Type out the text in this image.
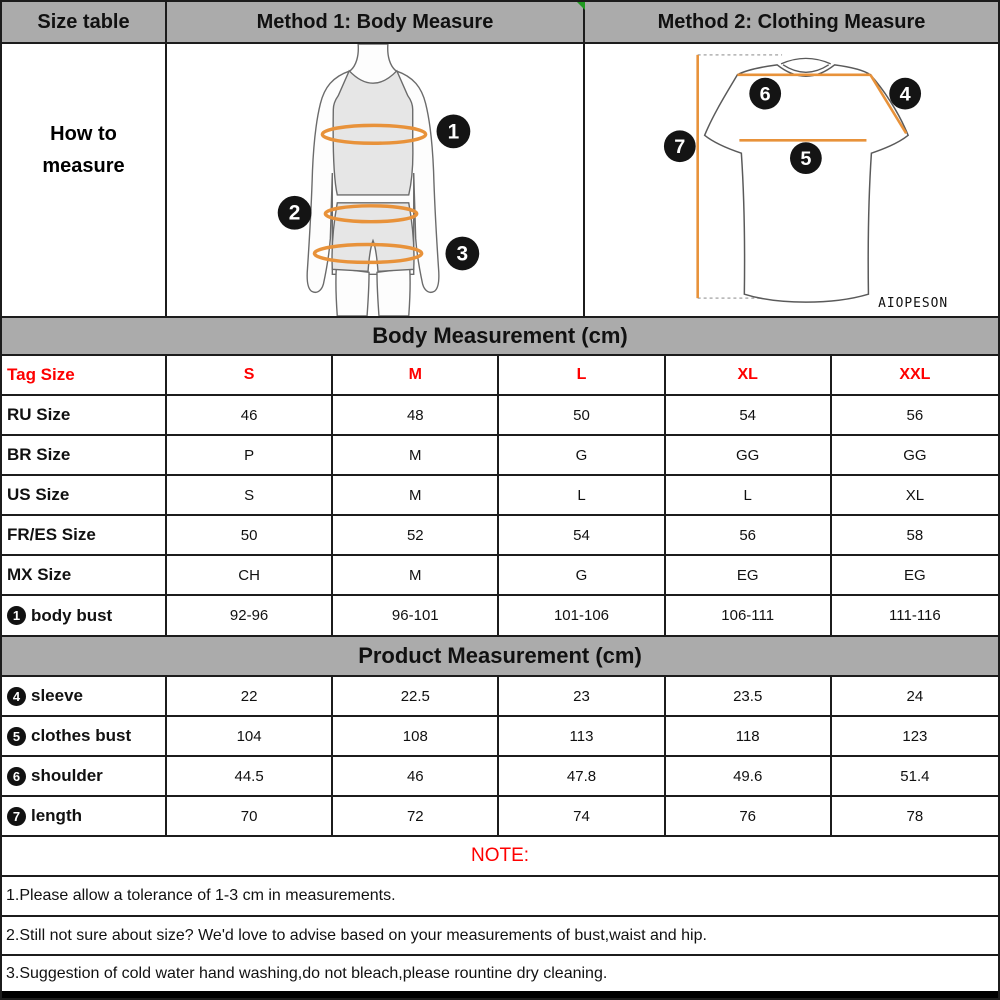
Size table	Method 1: Body Measure	Method 2: Clothing Measure
How to measure
1
2
3
6	4
5
7
AIOPESON
Body Measurement (cm)
Tag Size	S	M	L	XL	XXL
RU Size	46	48	50	54	56
BR Size	P	M	G	GG	GG
US Size	S	M	L	L	XL
FR/ES Size	50	52	54	56	58
MX Size	CH	M	G	EG	EG
1 body bust	92-96	96-101	101-106	106-111	111-116
Product Measurement (cm)
4 sleeve	22	22.5	23	23.5	24
5 clothes bust	104	108	113	118	123
6 shoulder	44.5	46	47.8	49.6	51.4
7 length	70	72	74	76	78
NOTE:
1.Please allow a tolerance of 1-3 cm in measurements.
2.Still not sure about size? We'd love to advise based on your measurements of bust,waist and hip.
3.Suggestion of cold water hand washing,do not bleach,please rountine dry cleaning.
